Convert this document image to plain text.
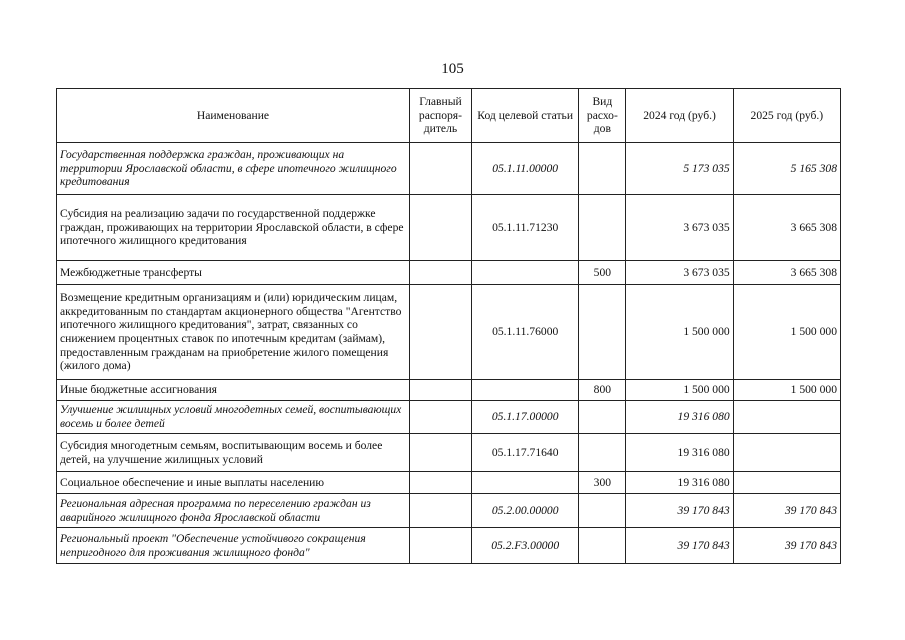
105
Наименование	Главный распоря-дитель	Код целевой статьи	Вид расхо-дов	2024 год (руб.)	2025 год (руб.)
Государственная поддержка граждан, проживающих на территории Ярославской области, в сфере ипотечного жилищного кредитования		05.1.11.00000		5 173 035	5 165 308
Субсидия на реализацию задачи по государственной поддержке граждан, проживающих на территории Ярославской области, в сфере ипотечного жилищного кредитования		05.1.11.71230		3 673 035	3 665 308
Межбюджетные трансферты			500	3 673 035	3 665 308
Возмещение кредитным организациям и (или) юридическим лицам, аккредитованным по стандартам акционерного общества "Агентство ипотечного жилищного кредитования", затрат, связанных со снижением процентных ставок по ипотечным кредитам (займам), предоставленным гражданам на приобретение жилого помещения (жилого дома)		05.1.11.76000		1 500 000	1 500 000
Иные бюджетные ассигнования			800	1 500 000	1 500 000
Улучшение жилищных условий многодетных семей, воспитывающих восемь и более детей		05.1.17.00000		19 316 080	
Субсидия многодетным семьям, воспитывающим восемь и более детей, на улучшение жилищных условий		05.1.17.71640		19 316 080	
Социальное обеспечение и иные выплаты населению			300	19 316 080	
Региональная адресная программа по переселению граждан из аварийного жилищного фонда Ярославской области		05.2.00.00000		39 170 843	39 170 843
Региональный проект "Обеспечение устойчивого сокращения непригодного для проживания жилищного фонда"		05.2.F3.00000		39 170 843	39 170 843
